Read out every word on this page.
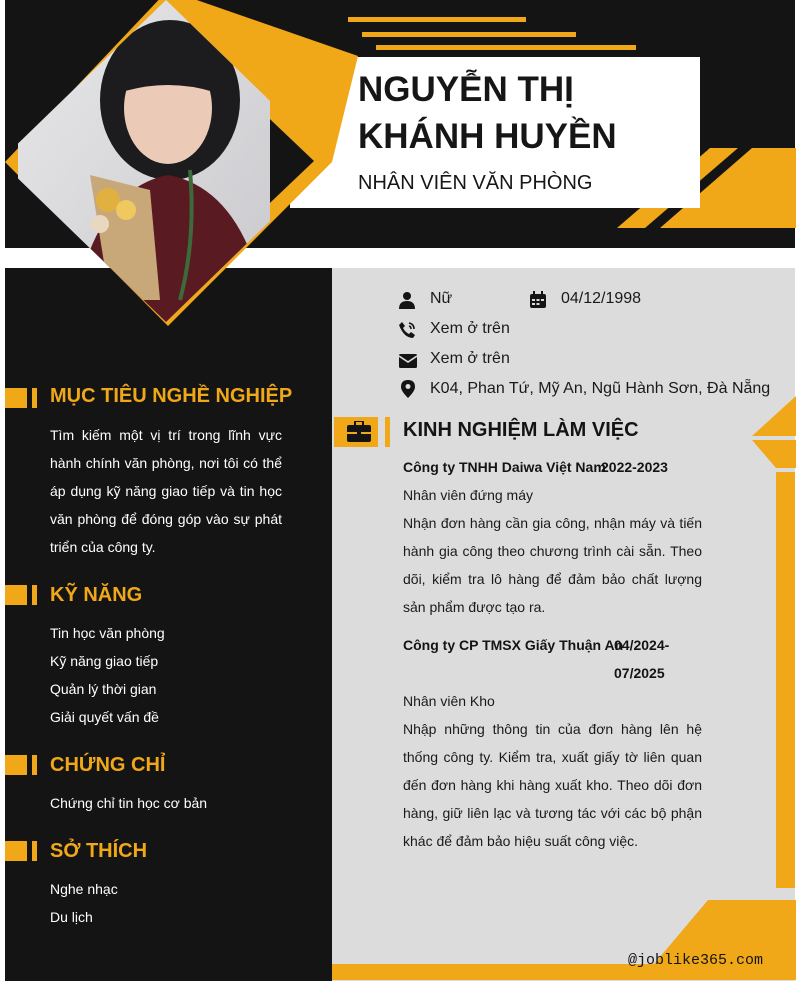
NGUYỄN THỊ
KHÁNH HUYỀN
NHÂN VIÊN VĂN PHÒNG
Nữ	04/12/1998
Xem ở trên
Xem ở trên
K04, Phan Tứ, Mỹ An, Ngũ Hành Sơn, Đà Nẵng
MỤC TIÊU NGHỀ NGHIỆP
Tìm kiếm một vị trí trong lĩnh vực hành chính văn phòng, nơi tôi có thể áp dụng kỹ năng giao tiếp và tin học văn phòng để đóng góp vào sự phát triển của công ty.
KỸ NĂNG
Tin học văn phòng
Kỹ năng giao tiếp
Quản lý thời gian
Giải quyết vấn đề
CHỨNG CHỈ
Chứng chỉ tin học cơ bản
SỞ THÍCH
Nghe nhạc
Du lịch
KINH NGHIỆM LÀM VIỆC
Công ty TNHH Daiwa Việt Nam
2022-2023
Nhân viên đứng máy
Nhận đơn hàng cần gia công, nhận máy và tiến hành gia công theo chương trình cài sẵn. Theo dõi, kiểm tra lô hàng để đảm bảo chất lượng sản phẩm được tạo ra.
Công ty CP TMSX Giấy Thuận An
04/2024-
07/2025
Nhân viên Kho
Nhập những thông tin của đơn hàng lên hệ thống công ty. Kiểm tra, xuất giấy tờ liên quan đến đơn hàng khi hàng xuất kho. Theo dõi đơn hàng, giữ liên lạc và tương tác với các bộ phận khác để đảm bảo hiệu suất công việc.
@joblike365.com
